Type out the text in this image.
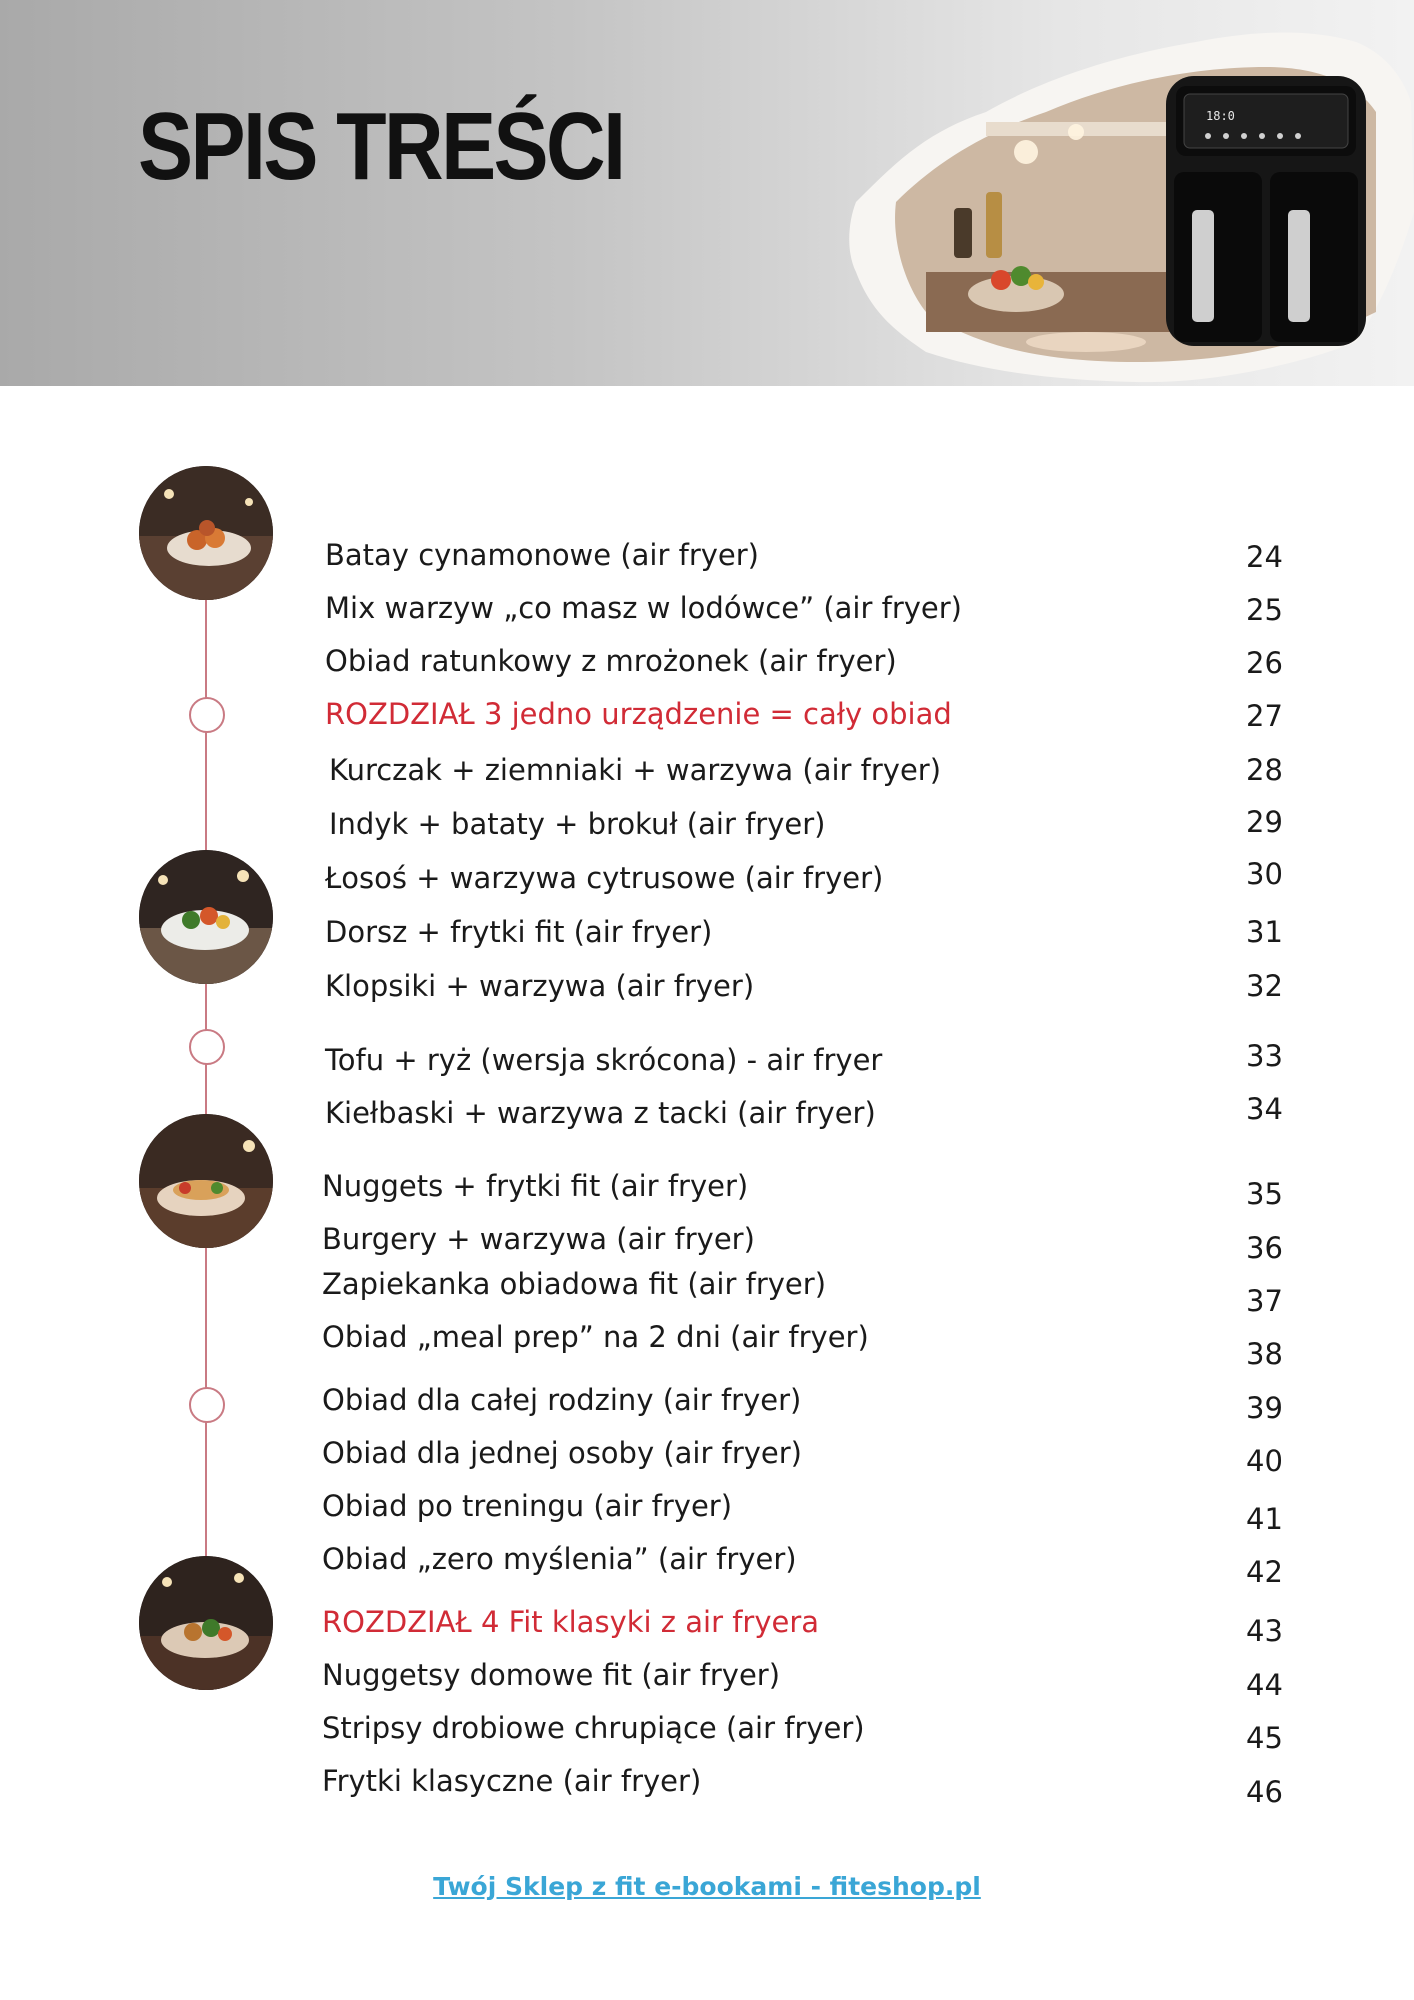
SPIS TREŚCI	18:0
Batay cynamonowe (air fryer)	24
Mix warzyw „co masz w lodówce” (air fryer)	25
Obiad ratunkowy z mrożonek (air fryer)	26
ROZDZIAŁ 3 jedno urządzenie = cały obiad	27
Kurczak + ziemniaki + warzywa (air fryer)	28
Indyk + bataty + brokuł (air fryer)	29
Łosoś + warzywa cytrusowe (air fryer)	30
Dorsz + frytki fit (air fryer)	31
Klopsiki + warzywa (air fryer)	32
Tofu + ryż (wersja skrócona) - air fryer	33
Kiełbaski + warzywa z tacki (air fryer)	34
Nuggets + frytki fit (air fryer)	35
Burgery + warzywa (air fryer)	36
Zapiekanka obiadowa fit (air fryer)	37
Obiad „meal prep” na 2 dni (air fryer)	38
Obiad dla całej rodziny (air fryer)	39
Obiad dla jednej osoby (air fryer)	40
Obiad po treningu (air fryer)	41
Obiad „zero myślenia” (air fryer)	42
ROZDZIAŁ 4 Fit klasyki z air fryera	43
Nuggetsy domowe fit (air fryer)	44
Stripsy drobiowe chrupiące (air fryer)	45
Frytki klasyczne (air fryer)	46
Twój Sklep z fit e-bookami - fiteshop.pl
